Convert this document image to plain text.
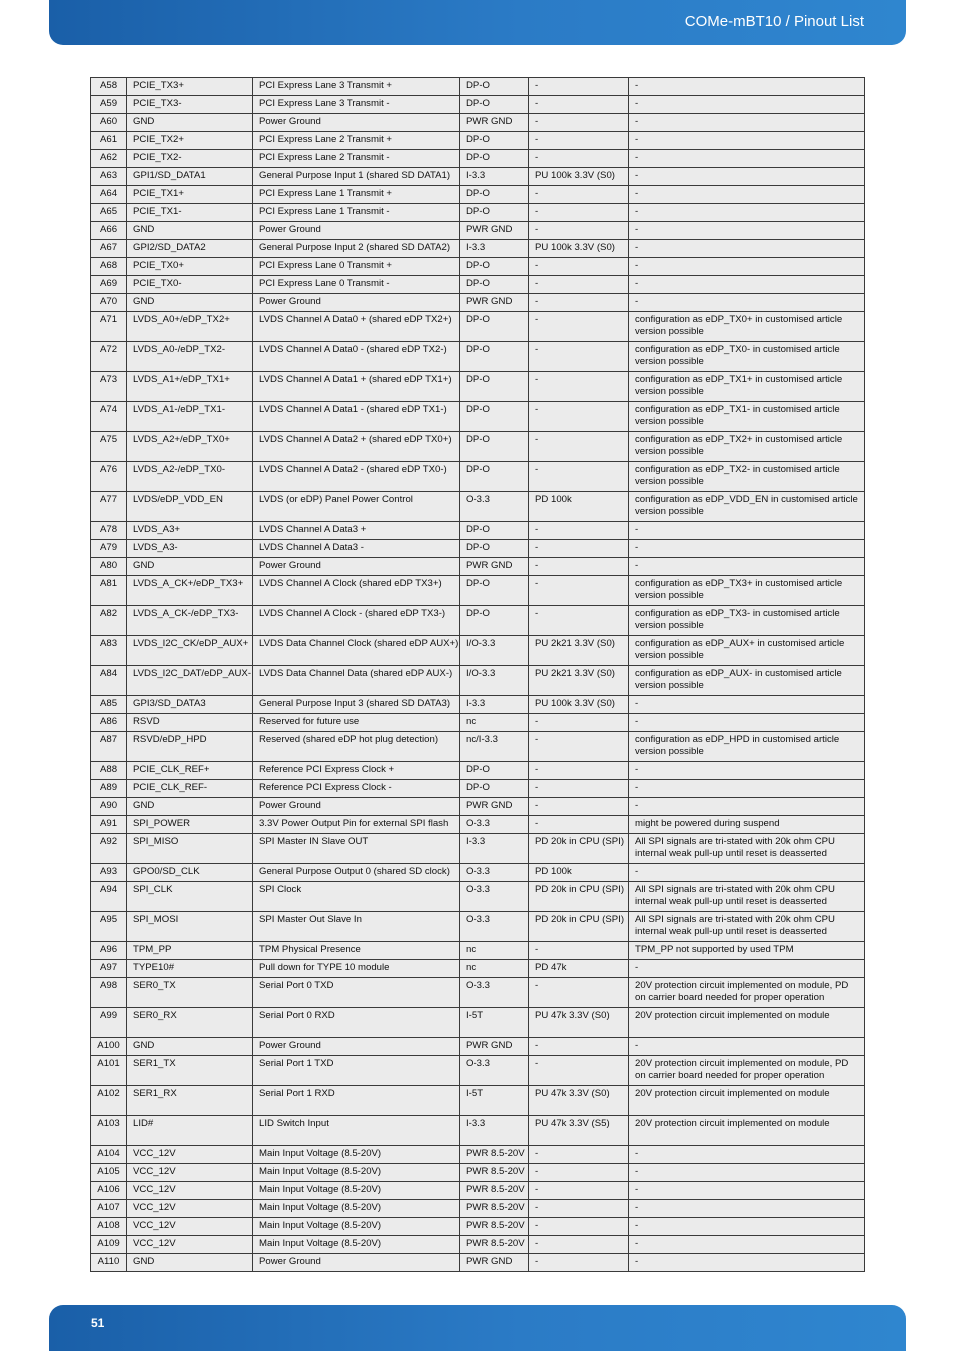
COMe-mBT10 / Pinout List
A58	PCIE_TX3+	PCI Express Lane 3 Transmit +	DP-O	-	-
A59	PCIE_TX3-	PCI Express Lane 3 Transmit -	DP-O	-	-
A60	GND	Power Ground	PWR GND	-	-
A61	PCIE_TX2+	PCI Express Lane 2 Transmit +	DP-O	-	-
A62	PCIE_TX2-	PCI Express Lane 2 Transmit -	DP-O	-	-
A63	GPI1/SD_DATA1	General Purpose Input 1 (shared SD DATA1)	I-3.3	PU 100k 3.3V (S0)	-
A64	PCIE_TX1+	PCI Express Lane 1 Transmit +	DP-O	-	-
A65	PCIE_TX1-	PCI Express Lane 1 Transmit -	DP-O	-	-
A66	GND	Power Ground	PWR GND	-	-
A67	GPI2/SD_DATA2	General Purpose Input 2 (shared SD DATA2)	I-3.3	PU 100k 3.3V (S0)	-
A68	PCIE_TX0+	PCI Express Lane 0 Transmit +	DP-O	-	-
A69	PCIE_TX0-	PCI Express Lane 0 Transmit -	DP-O	-	-
A70	GND	Power Ground	PWR GND	-	-
A71	LVDS_A0+/eDP_TX2+	LVDS Channel A Data0 + (shared eDP TX2+)	DP-O	-	configuration as eDP_TX0+ in customised article version possible
A72	LVDS_A0-/eDP_TX2-	LVDS Channel A Data0 - (shared eDP TX2-)	DP-O	-	configuration as eDP_TX0- in customised article version possible
A73	LVDS_A1+/eDP_TX1+	LVDS Channel A Data1 + (shared eDP TX1+)	DP-O	-	configuration as eDP_TX1+ in customised article version possible
A74	LVDS_A1-/eDP_TX1-	LVDS Channel A Data1 - (shared eDP TX1-)	DP-O	-	configuration as eDP_TX1- in customised article version possible
A75	LVDS_A2+/eDP_TX0+	LVDS Channel A Data2 + (shared eDP TX0+)	DP-O	-	configuration as eDP_TX2+ in customised article version possible
A76	LVDS_A2-/eDP_TX0-	LVDS Channel A Data2 - (shared eDP TX0-)	DP-O	-	configuration as eDP_TX2- in customised article version possible
A77	LVDS/eDP_VDD_EN	LVDS (or eDP) Panel Power Control	O-3.3	PD 100k	configuration as eDP_VDD_EN in customised article version possible
A78	LVDS_A3+	LVDS Channel A Data3 +	DP-O	-	-
A79	LVDS_A3-	LVDS Channel A Data3 -	DP-O	-	-
A80	GND	Power Ground	PWR GND	-	-
A81	LVDS_A_CK+/eDP_TX3+	LVDS Channel A Clock (shared eDP TX3+)	DP-O	-	configuration as eDP_TX3+ in customised article version possible
A82	LVDS_A_CK-/eDP_TX3-	LVDS Channel A Clock - (shared eDP TX3-)	DP-O	-	configuration as eDP_TX3- in customised article version possible
A83	LVDS_I2C_CK/eDP_AUX+	LVDS Data Channel Clock (shared eDP AUX+)	I/O-3.3	PU 2k21 3.3V (S0)	configuration as eDP_AUX+ in customised article version possible
A84	LVDS_I2C_DAT/eDP_AUX-	LVDS Data Channel Data (shared eDP AUX-)	I/O-3.3	PU 2k21 3.3V (S0)	configuration as eDP_AUX- in customised article version possible
A85	GPI3/SD_DATA3	General Purpose Input 3 (shared SD DATA3)	I-3.3	PU 100k 3.3V (S0)	-
A86	RSVD	Reserved for future use	nc	-	-
A87	RSVD/eDP_HPD	Reserved (shared eDP hot plug detection)	nc/I-3.3	-	configuration as eDP_HPD in customised article version possible
A88	PCIE_CLK_REF+	Reference PCI Express Clock +	DP-O	-	-
A89	PCIE_CLK_REF-	Reference PCI Express Clock -	DP-O	-	-
A90	GND	Power Ground	PWR GND	-	-
A91	SPI_POWER	3.3V Power Output Pin for external SPI flash	O-3.3	-	might be powered during suspend
A92	SPI_MISO	SPI Master IN Slave OUT	I-3.3	PD 20k in CPU (SPI)	All SPI signals are tri-stated with 20k ohm CPU internal weak pull-up until reset is deasserted
A93	GPO0/SD_CLK	General Purpose Output 0 (shared SD clock)	O-3.3	PD 100k	-
A94	SPI_CLK	SPI Clock	O-3.3	PD 20k in CPU (SPI)	All SPI signals are tri-stated with 20k ohm CPU internal weak pull-up until reset is deasserted
A95	SPI_MOSI	SPI Master Out Slave In	O-3.3	PD 20k in CPU (SPI)	All SPI signals are tri-stated with 20k ohm CPU internal weak pull-up until reset is deasserted
A96	TPM_PP	TPM Physical Presence	nc	-	TPM_PP not supported by used TPM
A97	TYPE10#	Pull down for TYPE 10 module	nc	PD 47k	-
A98	SER0_TX	Serial Port 0 TXD	O-3.3	-	20V protection circuit implemented on module, PD on carrier board needed for proper operation
A99	SER0_RX	Serial Port 0 RXD	I-5T	PU 47k 3.3V (S0)	20V protection circuit implemented on module
A100	GND	Power Ground	PWR GND	-	-
A101	SER1_TX	Serial Port 1 TXD	O-3.3	-	20V protection circuit implemented on module, PD on carrier board needed for proper operation
A102	SER1_RX	Serial Port 1 RXD	I-5T	PU 47k 3.3V (S0)	20V protection circuit implemented on module
A103	LID#	LID Switch Input	I-3.3	PU 47k 3.3V (S5)	20V protection circuit implemented on module
A104	VCC_12V	Main Input Voltage (8.5-20V)	PWR 8.5-20V	-	-
A105	VCC_12V	Main Input Voltage (8.5-20V)	PWR 8.5-20V	-	-
A106	VCC_12V	Main Input Voltage (8.5-20V)	PWR 8.5-20V	-	-
A107	VCC_12V	Main Input Voltage (8.5-20V)	PWR 8.5-20V	-	-
A108	VCC_12V	Main Input Voltage (8.5-20V)	PWR 8.5-20V	-	-
A109	VCC_12V	Main Input Voltage (8.5-20V)	PWR 8.5-20V	-	-
A110	GND	Power Ground	PWR GND	-	-
51
